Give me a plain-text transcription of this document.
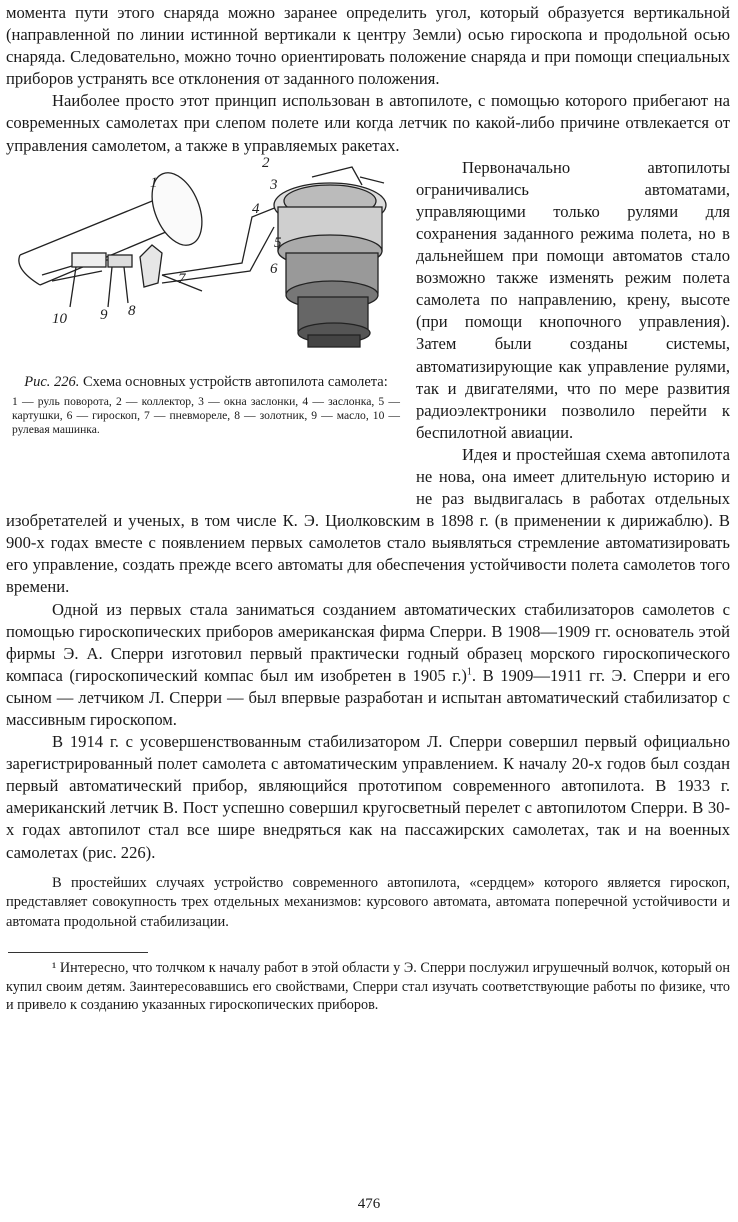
момента пути этого снаряда можно заранее определить угол, который образуется вертикальной (направленной по линии истинной вертикали к центру Земли) осью гироскопа и продольной осью снаряда. Следовательно, можно точно ориентировать положение снаряда и при помощи специальных приборов устранять все отклонения от заданного положения.

Наиболее просто этот принцип использован в автопилоте, с помощью которого прибегают на современных самолетах при слепом полете или когда летчик по какой-либо причине отвлекается от управления самолетом, а также в управляемых ракетах.

1
2
3
4
5
6
7
8
9
10
Рис. 226. Схема основных устройств автопилота самолета:
1 — руль поворота, 2 — коллектор, 3 — окна заслонки, 4 — заслонка, 5 — картушки, 6 — гироскоп, 7 — пневмореле, 8 — золотник, 9 — масло, 10 — рулевая машинка.

Первоначально автопилоты ограничивались автоматами, управляющими только рулями для сохранения заданного режима полета, но в дальнейшем при помощи автоматов стало возможно также изменять режим полета самолета по направлению, крену, высоте (при помощи кнопочного управления). Затем были созданы системы, автоматизирующие как управление рулями, так и двигателями, что по мере развития радиоэлектроники позволило перейти к беспилотной авиации.

Идея и простейшая схема автопилота не нова, она имеет длительную историю и не раз выдвигалась в работах отдельных изобретателей и ученых, в том числе К. Э. Циолковским в 1898 г. (в применении к дирижаблю). В 900-х годах вместе с появлением первых самолетов стало выявляться стремление автоматизировать его управление, создать прежде всего автоматы для обеспечения устойчивости полета самолетов того времени.

Одной из первых стала заниматься созданием автоматических стабилизаторов самолетов с помощью гироскопических приборов американская фирма Сперри. В 1908—1909 гг. основатель этой фирмы Э. А. Сперри изготовил первый практически годный образец морского гироскопического компаса (гироскопический компас был им изобретен в 1905 г.)$^1$. В 1909—1911 гг. Э. Сперри и его сыном — летчиком Л. Сперри — был впервые разработан и испытан автоматический стабилизатор с массивным гироскопом.

В 1914 г. с усовершенствованным стабилизатором Л. Сперри совершил первый официально зарегистрированный полет самолета с автоматическим управлением. К началу 20-х годов был создан первый автоматический прибор, являющийся прототипом современного автопилота. В 1933 г. американский летчик В. Пост успешно совершил кругосветный перелет с автопилотом Сперри. В 30-х годах автопилот стал все шире внедряться как на пассажирских самолетах, так и на военных самолетах (рис. 226).

В простейших случаях устройство современного автопилота, «сердцем» которого является гироскоп, представляет совокупность трех отдельных механизмов: курсового автомата, автомата поперечной устойчивости и автомата продольной стабилизации.

¹ Интересно, что толчком к началу работ в этой области у Э. Сперри послужил игрушечный волчок, который он купил своим детям. Заинтересовавшись его свойствами, Сперри стал изучать соответствующие работы по физике, что и привело к созданию указанных гироскопических приборов.

476
